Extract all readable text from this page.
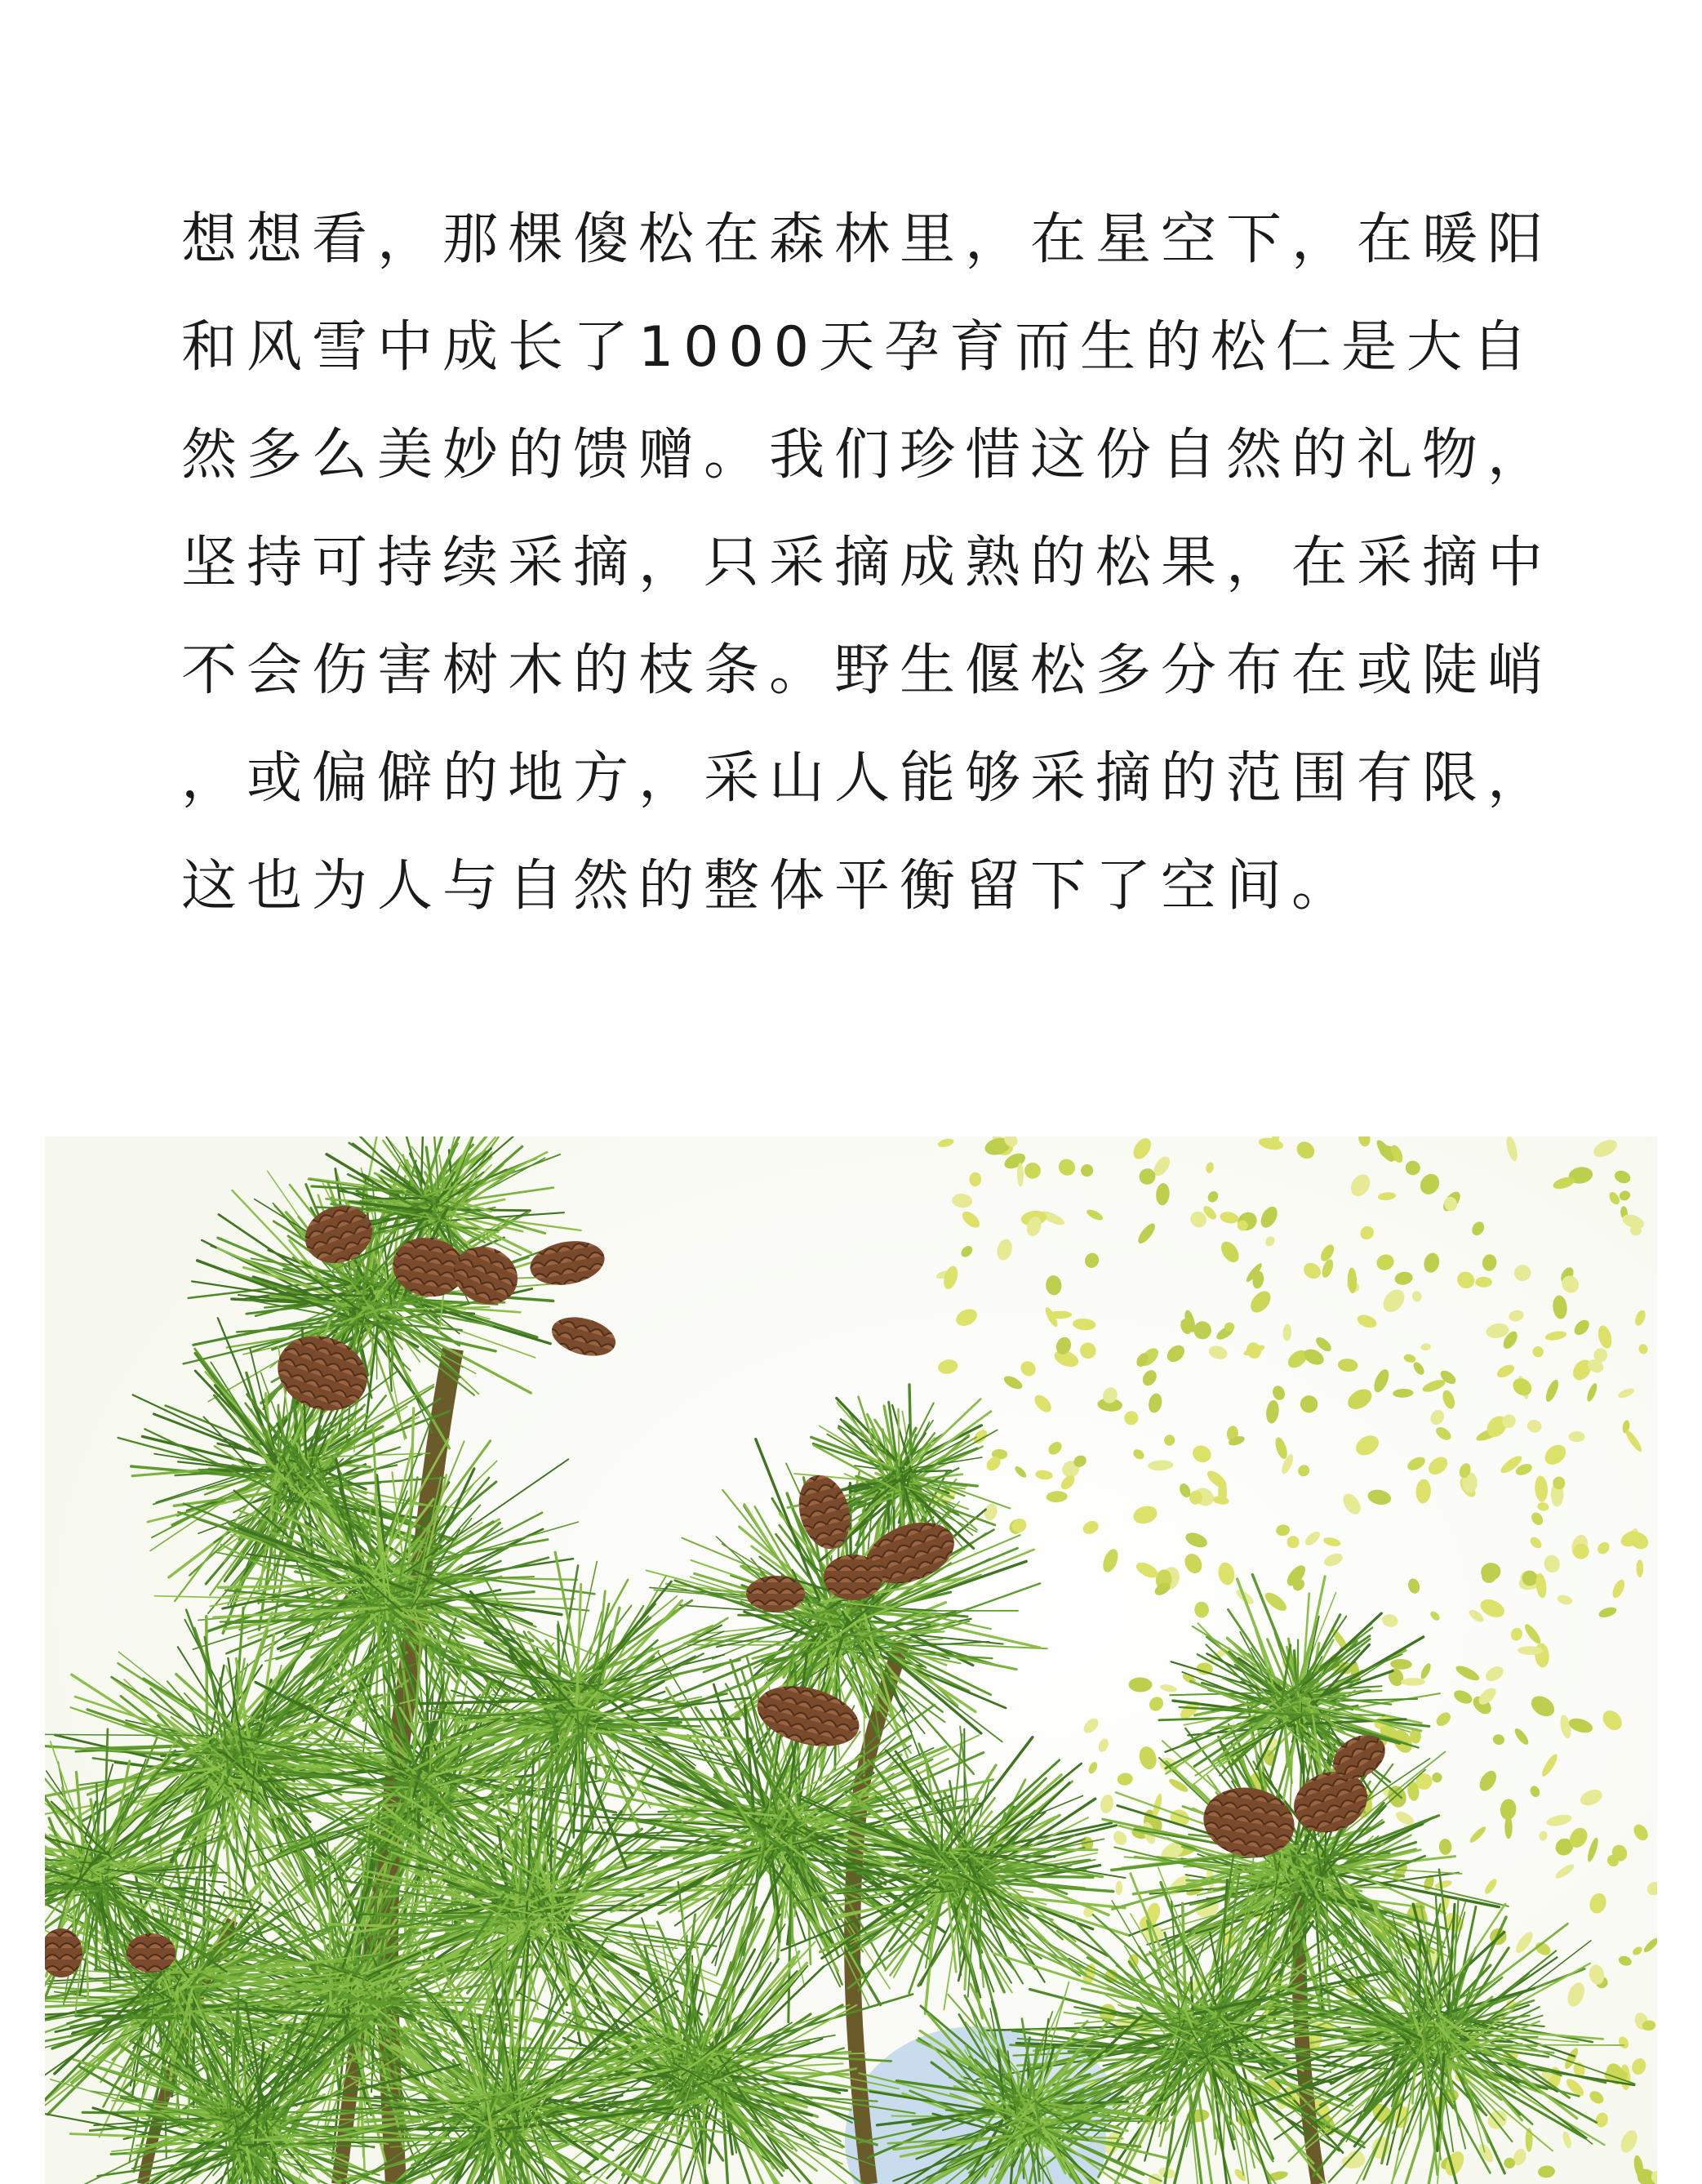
想想看，那棵傻松在森林里，在星空下，在暖阳
和风雪中成长了1000天孕育而生的松仁是大自
然多么美妙的馈赠。我们珍惜这份自然的礼物，
坚持可持续采摘，只采摘成熟的松果，在采摘中
不会伤害树木的枝条。野生偃松多分布在或陡峭
，或偏僻的地方，采山人能够采摘的范围有限，
这也为人与自然的整体平衡留下了空间。
